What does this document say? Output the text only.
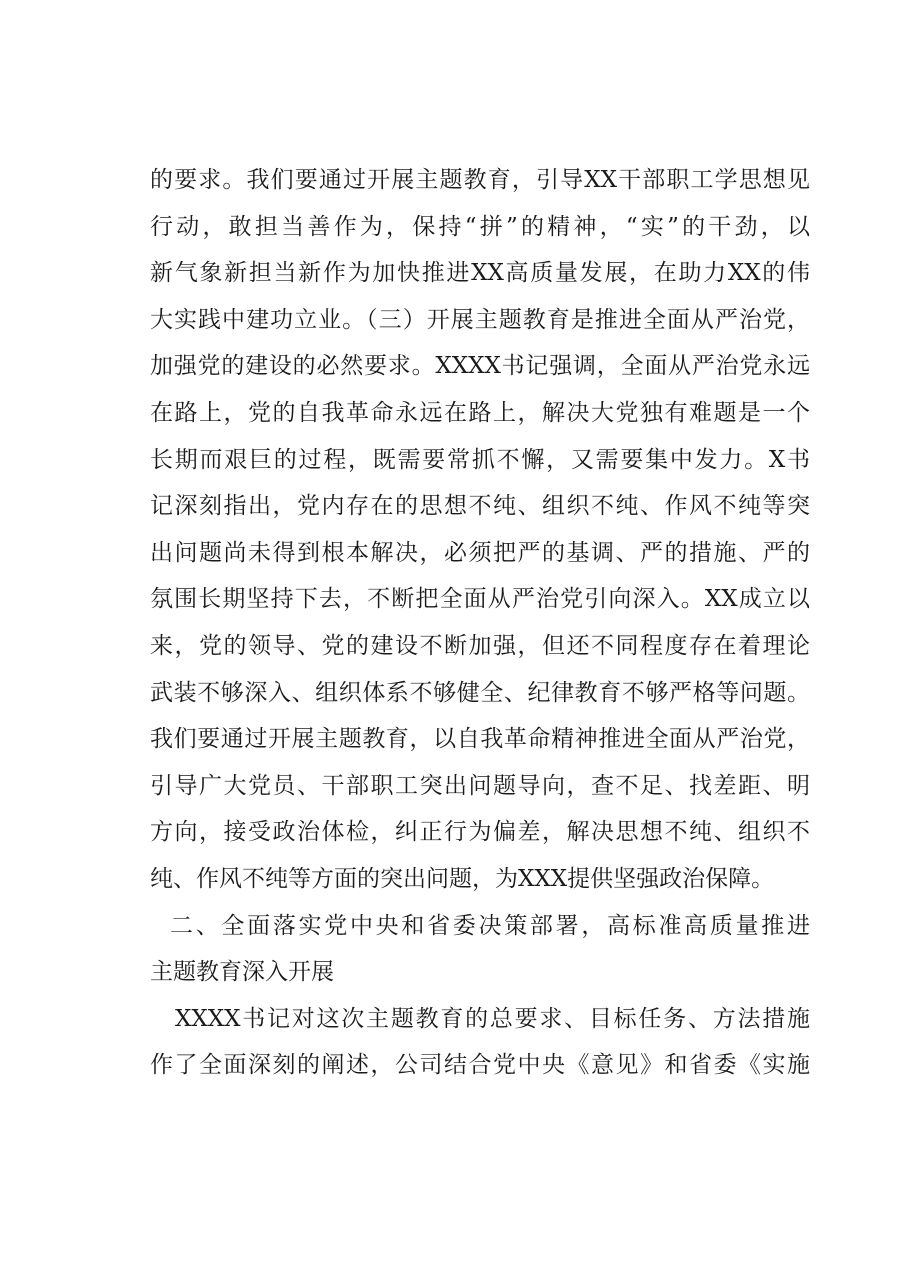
的要求。我们要通过开展主题教育，引导XX干部职工学思想见
行动，敢担当善作为，保持“拼”的精神，“实”的干劲，以
新气象新担当新作为加快推进XX高质量发展，在助力XX的伟
大实践中建功立业。（三）开展主题教育是推进全面从严治党，
加强党的建设的必然要求。XXXX书记强调，全面从严治党永远
在路上，党的自我革命永远在路上，解决大党独有难题是一个
长期而艰巨的过程，既需要常抓不懈，又需要集中发力。X书
记深刻指出，党内存在的思想不纯、组织不纯、作风不纯等突
出问题尚未得到根本解决，必须把严的基调、严的措施、严的
氛围长期坚持下去，不断把全面从严治党引向深入。XX成立以
来，党的领导、党的建设不断加强，但还不同程度存在着理论
武装不够深入、组织体系不够健全、纪律教育不够严格等问题。
我们要通过开展主题教育，以自我革命精神推进全面从严治党，
引导广大党员、干部职工突出问题导向，查不足、找差距、明
方向，接受政治体检，纠正行为偏差，解决思想不纯、组织不
纯、作风不纯等方面的突出问题，为XXX提供坚强政治保障。
二、全面落实党中央和省委决策部署，高标准高质量推进
主题教育深入开展
XXXX书记对这次主题教育的总要求、目标任务、方法措施
作了全面深刻的阐述，公司结合党中央《意见》和省委《实施
